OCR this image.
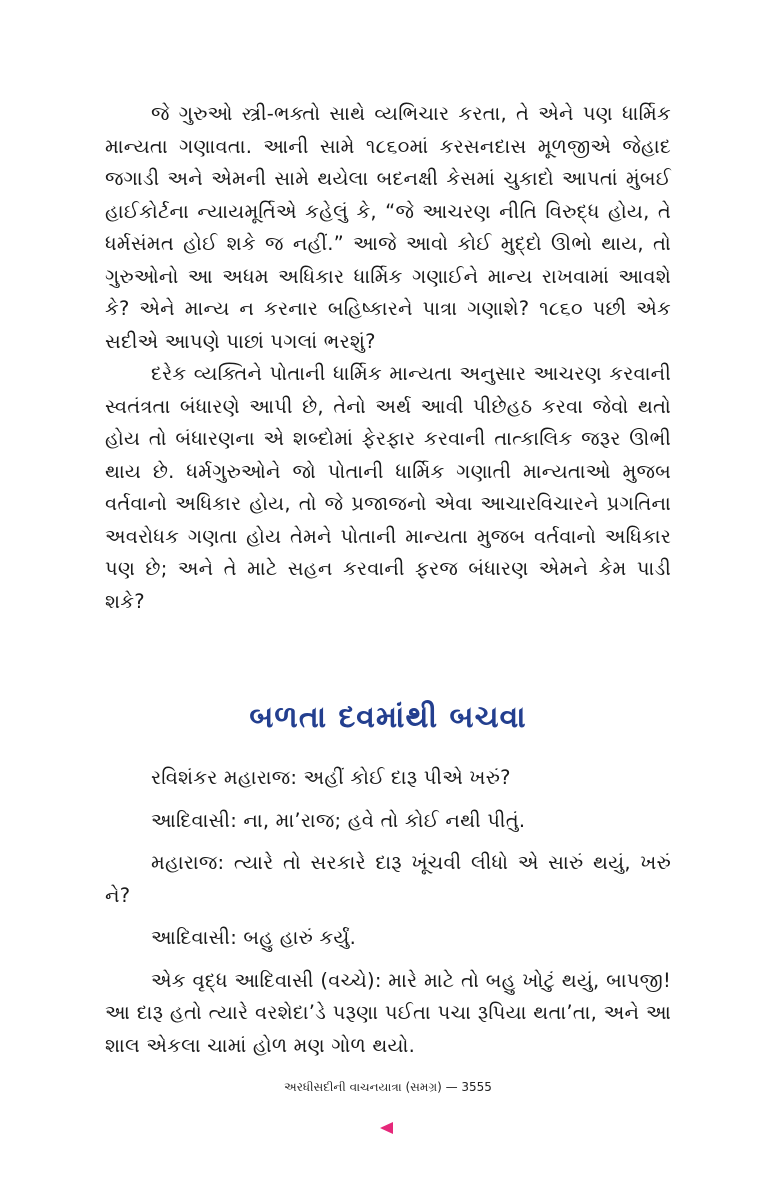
જે ગુરુઓ સ્ત્રી-ભક્તો સાથે વ્યભિચાર કરતા, તે એને પણ ધાર્મિક માન્યતા ગણાવતા. આની સામે ૧૮૬૦માં કરસનદાસ મૂળજીએ જેહાદ જગાડી અને એમની સામે થયેલા બદનક્ષી કેસમાં ચુકાદો આપતાં મુંબઈ હાઈકોર્ટના ન્યાયમૂર્તિએ કહેલું કે, “જે આચરણ નીતિ વિરુદ્ધ હોય, તે ધર્મસંમત હોઈ શકે જ નહીં.” આજે આવો કોઈ મુદ્દો ઊભો થાય, તો ગુરુઓનો આ અધમ અધિકાર ધાર્મિક ગણાઈને માન્ય રાખવામાં આવશે કે? એને માન્ય ન કરનાર બહિષ્કારને પાત્રા ગણાશે? ૧૮૬૦ પછી એક સદીએ આપણે પાછાં પગલાં ભરશું?

દરેક વ્યક્તિને પોતાની ધાર્મિક માન્યતા અનુસાર આચરણ કરવાની સ્વતંત્રતા બંધારણે આપી છે, તેનો અર્થ આવી પીછેહઠ કરવા જેવો થતો હોય તો બંધારણના એ શબ્દોમાં ફેરફાર કરવાની તાત્કાલિક જરૂર ઊભી થાય છે. ધર્મગુરુઓને જો પોતાની ધાર્મિક ગણાતી માન્યતાઓ મુજબ વર્તવાનો અધિકાર હોય, તો જે પ્રજાજનો એવા આચારવિચારને પ્રગતિના અવરોધક ગણતા હોય તેમને પોતાની માન્યતા મુજબ વર્તવાનો અધિકાર પણ છે; અને તે માટે સહન કરવાની ફરજ બંધારણ એમને કેમ પાડી શકે?

બળતા દવમાંથી બચવા

રવિશંકર મહારાજ: અહીં કોઈ દારૂ પીએ ખરું?

આદિવાસી: ના, મા’રાજ; હવે તો કોઈ નથી પીતું.

મહારાજ: ત્યારે તો સરકારે દારૂ ખૂંચવી લીધો એ સારું થયું, ખરું ને?

આદિવાસી: બહુ હારું કર્યું.

એક વૃદ્ધ આદિવાસી (વચ્ચે): મારે માટે તો બહુ ખોટું થયું, બાપજી! આ દારૂ હતો ત્યારે વરશેદા’ડે પરૂણા પઈતા પચા રૂપિયા થતા’તા, અને આ શાલ એકલા ચામાં હોળ મણ ગોળ થયો.

અરધીસદીની વાચનયાત્રા (સમગ્ર) — 3555
